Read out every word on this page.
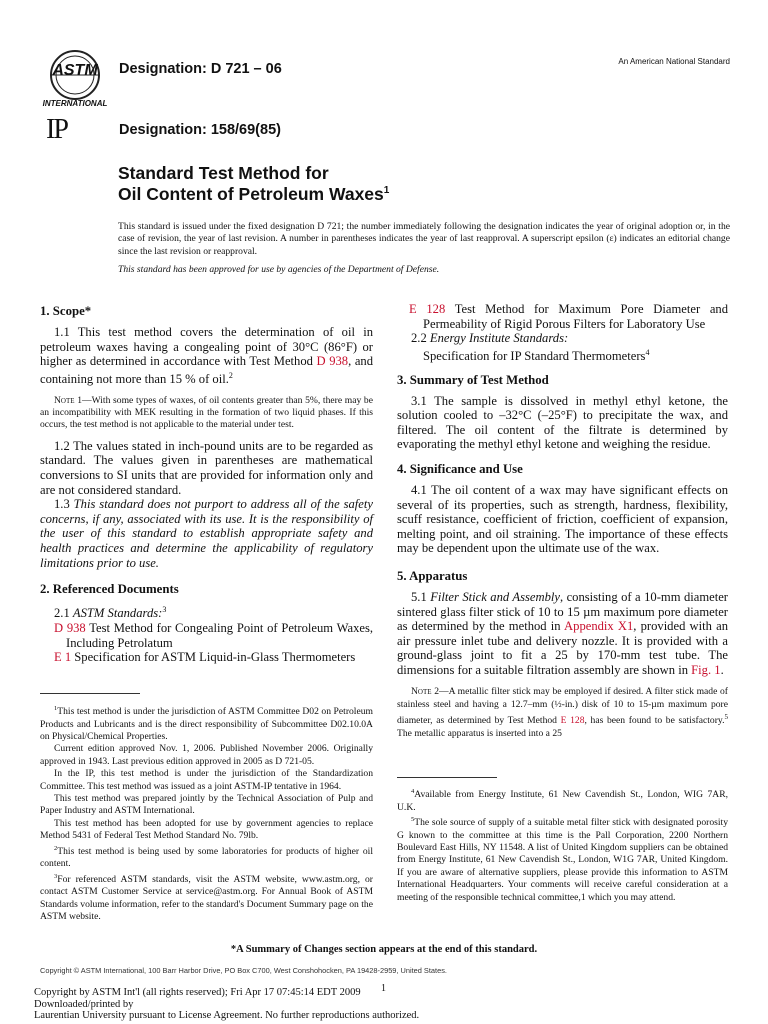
ASTM
INTERNATIONAL
Designation: D 721 – 06	An American National Standard
IP	Designation: 158/69(85)
Standard Test Method for
Oil Content of Petroleum Waxes$^1$
This standard is issued under the fixed designation D 721; the number immediately following the designation indicates the year of original adoption or, in the case of revision, the year of last revision. A number in parentheses indicates the year of last reapproval. A superscript epsilon (ε) indicates an editorial change since the last revision or reapproval.
This standard has been approved for use by agencies of the Department of Defense.
1. Scope*

1.1 This test method covers the determination of oil in petroleum waxes having a congealing point of 30°C (86°F) or higher as determined in accordance with Test Method D 938, and containing not more than 15 % of oil.$^2$

Note 1—With some types of waxes, of oil contents greater than 5%, there may be an incompatibility with MEK resulting in the formation of two liquid phases. If this occurs, the test method is not applicable to the material under test.

1.2 The values stated in inch-pound units are to be regarded as standard. The values given in parentheses are mathematical conversions to SI units that are provided for information only and are not considered standard.

1.3 This standard does not purport to address all of the safety concerns, if any, associated with its use. It is the responsibility of the user of this standard to establish appropriate safety and health practices and determine the applicability of regulatory limitations prior to use.

2. Referenced Documents

2.1 ASTM Standards:$^3$

D 938 Test Method for Congealing Point of Petroleum Waxes, Including Petrolatum

E 1 Specification for ASTM Liquid-in-Glass Thermometers

E 128 Test Method for Maximum Pore Diameter and Permeability of Rigid Porous Filters for Laboratory Use

2.2 Energy Institute Standards:

Specification for IP Standard Thermometers$^4$

3. Summary of Test Method

3.1 The sample is dissolved in methyl ethyl ketone, the solution cooled to –32°C (–25°F) to precipitate the wax, and filtered. The oil content of the filtrate is determined by evaporating the methyl ethyl ketone and weighing the residue.

4. Significance and Use

4.1 The oil content of a wax may have significant effects on several of its properties, such as strength, hardness, flexibility, scuff resistance, coefficient of friction, coefficient of expansion, melting point, and oil straining. The importance of these effects may be dependent upon the ultimate use of the wax.

5. Apparatus

5.1 Filter Stick and Assembly, consisting of a 10-mm diameter sintered glass filter stick of 10 to 15 µm maximum pore diameter as determined by the method in Appendix X1, provided with an air pressure inlet tube and delivery nozzle. It is provided with a ground-glass joint to fit a 25 by 170-mm test tube. The dimensions for a suitable filtration assembly are shown in Fig. 1.

Note 2—A metallic filter stick may be employed if desired. A filter stick made of stainless steel and having a 12.7–mm (½-in.) disk of 10 to 15-µm maximum pore diameter, as determined by Test Method E 128, has been found to be satisfactory.$^5$ The metallic apparatus is inserted into a 25

$^1$This test method is under the jurisdiction of ASTM Committee D02 on Petroleum Products and Lubricants and is the direct responsibility of Subcommittee D02.10.0A on Physical/Chemical Properties.

Current edition approved Nov. 1, 2006. Published November 2006. Originally approved in 1943. Last previous edition approved in 2005 as D 721-05.

In the IP, this test method is under the jurisdiction of the Standardization Committee. This test method was issued as a joint ASTM-IP tentative in 1964.

This test method was prepared jointly by the Technical Association of Pulp and Paper Industry and ASTM International.

This test method has been adopted for use by government agencies to replace Method 5431 of Federal Test Method Standard No. 79lb.

$^2$This test method is being used by some laboratories for products of higher oil content.

$^3$For referenced ASTM standards, visit the ASTM website, www.astm.org, or contact ASTM Customer Service at service@astm.org. For Annual Book of ASTM Standards volume information, refer to the standard's Document Summary page on the ASTM website.

$^4$Available from Energy Institute, 61 New Cavendish St., London, WIG 7AR, U.K.

$^5$The sole source of supply of a suitable metal filter stick with designated porosity G known to the committee at this time is the Pall Corporation, 2200 Northern Boulevard East Hills, NY 11548. A list of United Kingdom suppliers can be obtained from Energy Institute, 61 New Cavendish St., London, W1G 7AR, United Kingdom. If you are aware of alternative suppliers, please provide this information to ASTM International Headquarters. Your comments will receive careful consideration at a meeting of the responsible technical committee,1 which you may attend.

*A Summary of Changes section appears at the end of this standard.
Copyright © ASTM International, 100 Barr Harbor Drive, PO Box C700, West Conshohocken, PA 19428-2959, United States.
1
Copyright by ASTM Int'l (all rights reserved); Fri Apr 17 07:45:14 EDT 2009
Downloaded/printed by
Laurentian University pursuant to License Agreement. No further reproductions authorized.
